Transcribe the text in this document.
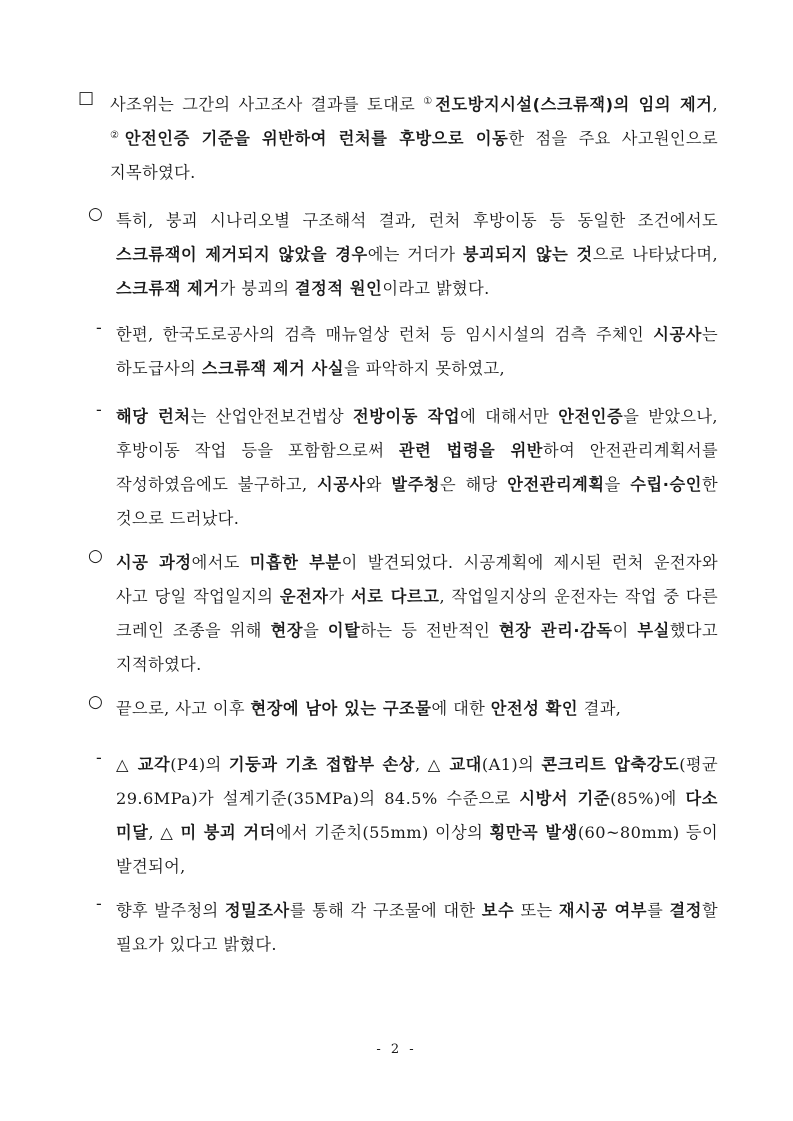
□ 사조위는 그간의 사고조사 결과를 토대로 ①전도방지시설(스크류잭)의 임의 제거, ②안전인증 기준을 위반하여 런처를 후방으로 이동한 점을 주요 사고원인으로 지목하였다.
○ 특히, 붕괴 시나리오별 구조해석 결과, 런처 후방이동 등 동일한 조건에서도 스크류잭이 제거되지 않았을 경우에는 거더가 붕괴되지 않는 것으로 나타났다며, 스크류잭 제거가 붕괴의 결정적 원인이라고 밝혔다.
- 한편, 한국도로공사의 검측 매뉴얼상 런처 등 임시시설의 검측 주체인 시공사는 하도급사의 스크류잭 제거 사실을 파악하지 못하였고,
- 해당 런처는 산업안전보건법상 전방이동 작업에 대해서만 안전인증을 받았으나, 후방이동 작업 등을 포함함으로써 관련 법령을 위반하여 안전관리계획서를 작성하였음에도 불구하고, 시공사와 발주청은 해당 안전관리계획을 수립·승인한 것으로 드러났다.
○ 시공 과정에서도 미흡한 부분이 발견되었다. 시공계획에 제시된 런처 운전자와 사고 당일 작업일지의 운전자가 서로 다르고, 작업일지상의 운전자는 작업 중 다른 크레인 조종을 위해 현장을 이탈하는 등 전반적인 현장 관리·감독이 부실했다고 지적하였다.
○ 끝으로, 사고 이후 현장에 남아 있는 구조물에 대한 안전성 확인 결과,
- △ 교각(P4)의 기둥과 기초 접합부 손상, △ 교대(A1)의 콘크리트 압축강도(평균 29.6MPa)가 설계기준(35MPa)의 84.5% 수준으로 시방서 기준(85%)에 다소 미달, △ 미 붕괴 거더에서 기준치(55mm) 이상의 횡만곡 발생(60~80mm) 등이 발견되어,
- 향후 발주청의 정밀조사를 통해 각 구조물에 대한 보수 또는 재시공 여부를 결정할 필요가 있다고 밝혔다.
- 2 -
